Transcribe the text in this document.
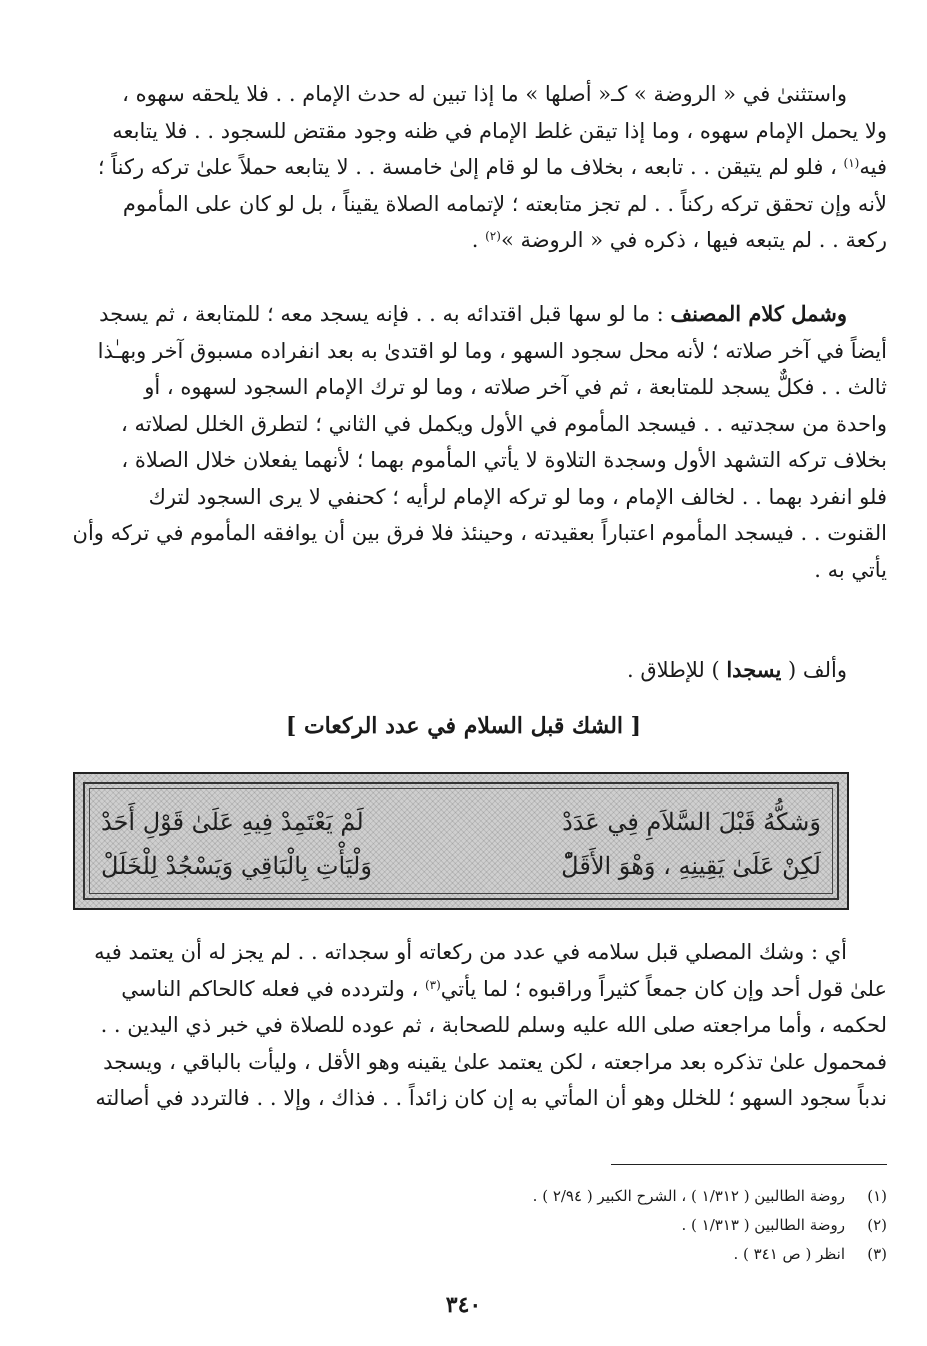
واستثنىٰ في « الروضة » كـ« أصلها » ما إذا تبين له حدث الإمام . . فلا يلحقه سهوه ،

ولا يحمل الإمام سهوه ، وما إذا تيقن غلط الإمام في ظنه وجود مقتض للسجود . . فلا يتابعه

فيه$^{(١)}$ ، فلو لم يتيقن . . تابعه ، بخلاف ما لو قام إلىٰ خامسة . . لا يتابعه حملاً علىٰ تركه ركناً ؛

لأنه وإن تحقق تركه ركناً . . لم تجز متابعته ؛ لإتمامه الصلاة يقيناً ، بل لو كان على المأموم

ركعة . . لم يتبعه فيها ، ذكره في « الروضة »$^{(٢)}$ .

وشمل كلام المصنف : ما لو سها قبل اقتدائه به . . فإنه يسجد معه ؛ للمتابعة ، ثم يسجد

أيضاً في آخر صلاته ؛ لأنه محل سجود السهو ، وما لو اقتدىٰ به بعد انفراده مسبوق آخر وبهـٰذا

ثالث . . فكلٌّ يسجد للمتابعة ، ثم في آخر صلاته ، وما لو ترك الإمام السجود لسهوه ، أو

واحدة من سجدتيه . . فيسجد المأموم في الأول ويكمل في الثاني ؛ لتطرق الخلل لصلاته ،

بخلاف تركه التشهد الأول وسجدة التلاوة لا يأتي المأموم بهما ؛ لأنهما يفعلان خلال الصلاة ،

فلو انفرد بهما . . لخالف الإمام ، وما لو تركه الإمام لرأيه ؛ كحنفي لا يرى السجود لترك

القنوت . . فيسجد المأموم اعتباراً بعقيدته ، وحينئذ فلا فرق بين أن يوافقه المأموم في تركه وأن

يأتي به .

وألف ( يسجدا ) للإطلاق .

[ الشك قبل السلام في عدد الركعات ]
وَشكُّهُ قَبْلَ السَّلاَمِ فِي عَدَدْ
لَمْ يَعْتَمِدْ فِيهِ عَلَىٰ قَوْلِ أَحَدْ
لَكِنْ عَلَىٰ يَقِينِهِ ، وَهْوَ الأَقَلّْ
وَلْيَأْتِ بِالْبَاقِي وَيَسْجُدْ لِلْخَلَلْ

أي : وشك المصلي قبل سلامه في عدد من ركعاته أو سجداته . . لم يجز له أن يعتمد فيه

علىٰ قول أحد وإن كان جمعاً كثيراً وراقبوه ؛ لما يأتي$^{(٣)}$ ، ولتردده في فعله كالحاكم الناسي

لحكمه ، وأما مراجعته صلى الله عليه وسلم للصحابة ، ثم عوده للصلاة في خبر ذي اليدين . .

فمحمول علىٰ تذكره بعد مراجعته ، لكن يعتمد علىٰ يقينه وهو الأقل ، وليأت بالباقي ، ويسجد

ندباً سجود السهو ؛ للخلل وهو أن المأتي به إن كان زائداً . . فذاك ، وإلا . . فالتردد في أصالته

(١)
روضة الطالبين ( ١/٣١٢ ) ، الشرح الكبير ( ٢/٩٤ ) .
(٢)
روضة الطالبين ( ١/٣١٣ ) .
(٣)
انظر ( ص ٣٤١ ) .
٣٤٠
